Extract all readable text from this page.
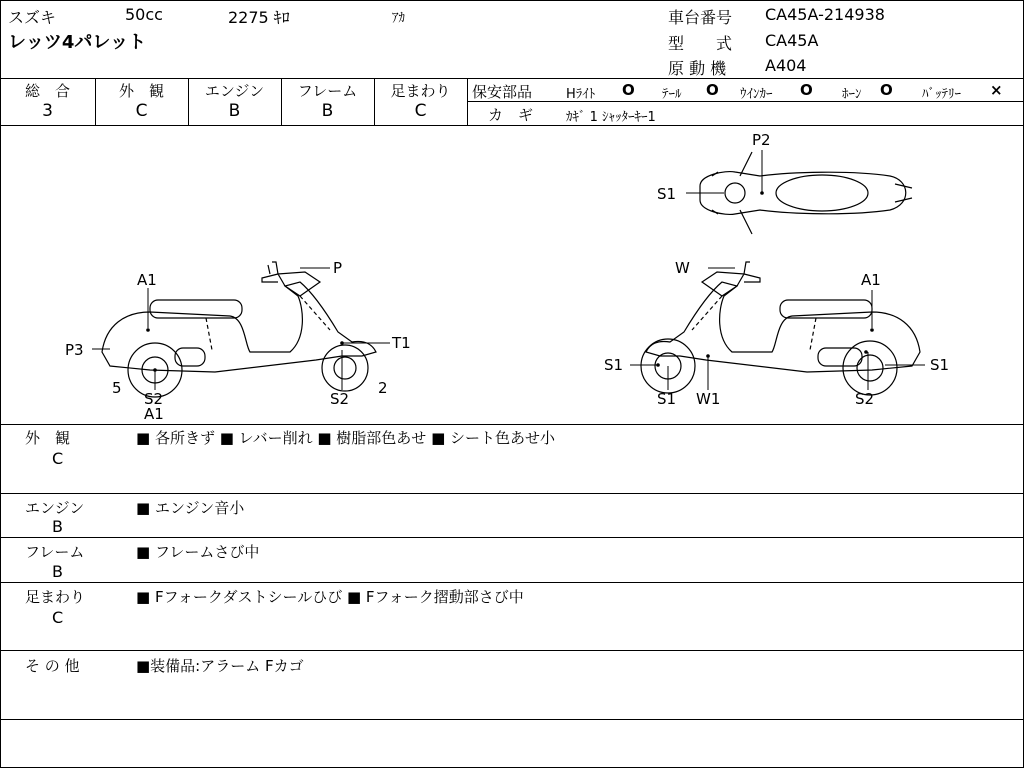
スズキ	50cc	2275 ｷﾛ	ｱｶ
レッツ4パレット
車台番号 CA45A-214938
型　　式 CA45A
原 動 機 A404
総　合
3
外　観
C
エンジン
B
フレーム
B
足まわり
C
保安部品	Hﾗｲﾄ O ﾃｰﾙ O ｳｲﾝｶｰ O ﾎｰﾝ O ﾊﾞｯﾃﾘｰ ×
カ　ギ	ｶｷﾞ 1 ｼｬｯﾀｰｷｰ1
A1
P
P3	T1
5
S2
A1
S2
2
W
A1
S1	S1
S1 W1	S2
P2
S1
外　観
C
■ 各所きず ■ レバー削れ ■ 樹脂部色あせ ■ シート色あせ小
エンジン
B
■ エンジン音小
フレーム
B
■ フレームさび中
足まわり
C
■ Fフォークダストシールひび ■ Fフォーク摺動部さび中
そ の 他	■装備品:アラーム Fカゴ
